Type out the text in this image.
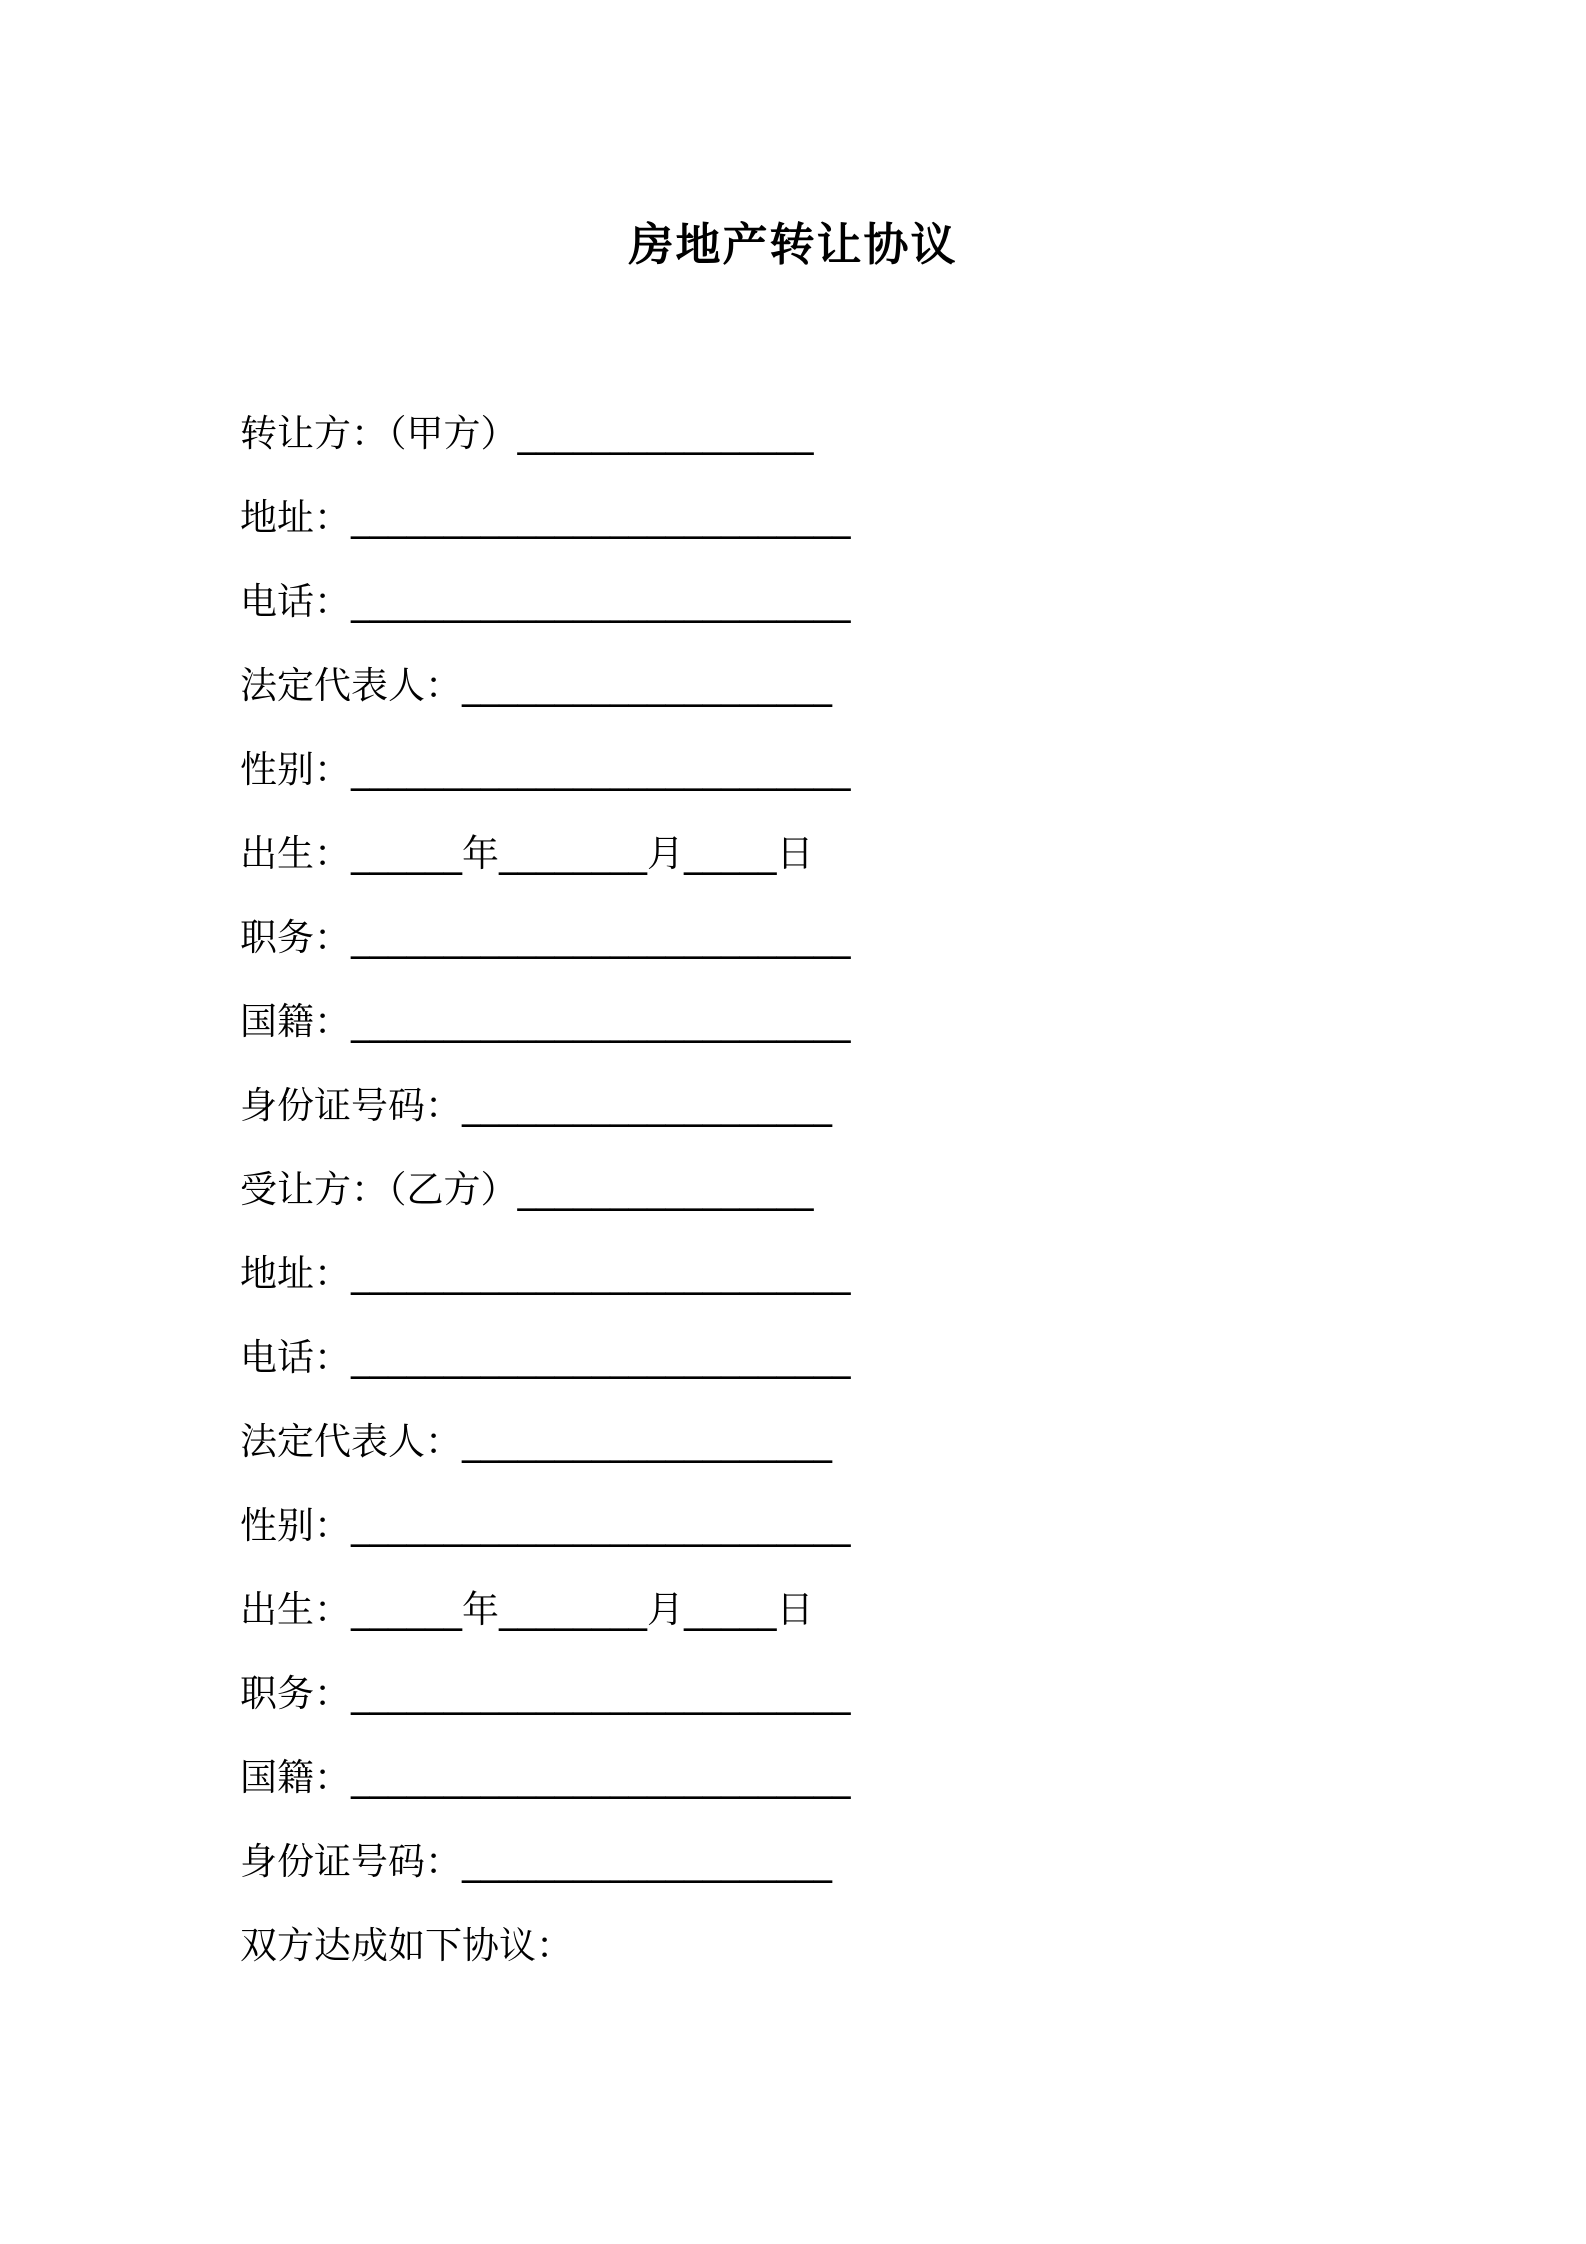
房地产转让协议
转让方：（甲方）________________
地址：___________________________
电话：___________________________
法定代表人：____________________
性别：___________________________
出生：______年________月_____日
职务：___________________________
国籍：___________________________
身份证号码：____________________
受让方：（乙方）________________
地址：___________________________
电话：___________________________
法定代表人：____________________
性别：___________________________
出生：______年________月_____日
职务：___________________________
国籍：___________________________
身份证号码：____________________
双方达成如下协议：
